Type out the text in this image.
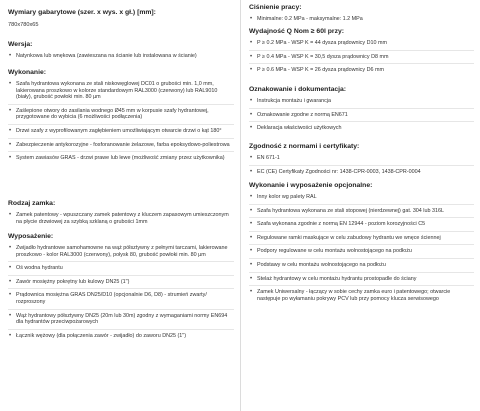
Wymiary gabarytowe (szer. x wys. x gł.) [mm]:

780x780x65

Wersja:
• Natynkowa lub wnękowa (zawieszana na ścianie lub instalowana w ścianie)
Wykonanie:
• Szafa hydrantowa wykonana ze stali niskowęglowej DC01 o grubości min. 1,0 mm, lakierowana proszkowo w kolorze standardowym RAL3000 (czerwony) lub RAL9010 (biały), grubość powłoki min. 80 µm
• Zaślepione otwory do zasilania wodnego Ø45 mm w korpusie szafy hydrantowej, przygotowane do wybicia (6 możliwości podłączenia)
• Drzwi szafy z wyprofilowanym zagłębieniem umożliwiającym otwarcie drzwi o kąt 180°
• Zabezpieczenie antykorozyjne - fosforanowanie żelazowe, farba epoksydowo-poliestrowa
• System zawiasów GRAS - drzwi prawe lub lewe (możliwość zmiany przez użytkownika)
Rodzaj zamka:
• Zamek patentowy - wpuszczany zamek patentowy z kluczem zapasowym umieszczonym na płycie drzwiowej za szybką szklaną o grubości 1mm
Wyposażenie:
• Zwijadło hydrantowe samohamowne na wąż półsztywny z pełnymi tarczami, lakierowane proszkowo - kolor RAL3000 (czerwony), połysk 80, grubość powłoki min. 80 µm
• Oś wodna hydrantu
• Zawór mosiężny pokrętny lub kulowy DN25 (1")
• Prądownica mosiężna GRAS DN25/D10 (opcjonalnie D6, D8) - strumień zwarty/ rozproszony
• Wąż hydrantowy półsztywny DN25 (20m lub 30m) zgodny z wymaganiami normy EN694 dla hydrantów przeciwpożarowych
• Łącznik wężowy (dla połączenia zawór - zwijadło) do zaworu DN25 (1")
Ciśnienie pracy:
• Minimalne: 0.2 MPa - maksymalne: 1.2 MPa
Wydajność Q Nom ≥ 60l przy:
• P ≥ 0.2 MPa - WSP K = 44 dysza prądownicy D10 mm
• P ≥ 0.4 MPa - WSP K = 30,5 dysza prądownicy D8 mm
• P ≥ 0.6 MPa - WSP K = 26 dysza prądownicy D6 mm
Oznakowanie i dokumentacja:
• Instrukcja montażu i gwarancja
• Oznakowanie zgodne z normą EN671
• Deklaracja właściwości użytkowych
Zgodność z normami i certyfikaty:
• EN 671-1
• EC (CE) Certyfikaty Zgodności nr: 1438-CPR-0003, 1438-CPR-0004
Wykonanie i wyposażenie opcjonalne:
• Inny kolor wg palety RAL
• Szafa hydrantowa wykonana ze stali stopowej (nierdzewnej) gat. 304 lub 316L
• Szafa wykonana zgodnie z normą EN 12944 - poziom korozyjności C5
• Regulowane ramki maskujące w celu zabudowy hydrantu we wnęce ściennej
• Podpory regulowane w celu montażu wolnostojącego na podłożu
• Podstawy w celu montażu wolnostojącego na podłożu
• Stelaż hydrantowy w celu montażu hydrantu prostopadle do ściany
• Zamek Uniwersalny - łączący w sobie cechy zamka euro i patentowego; otwarcie następuje po wyłamaniu pokrywy PCV lub przy pomocy klucza serwisowego
